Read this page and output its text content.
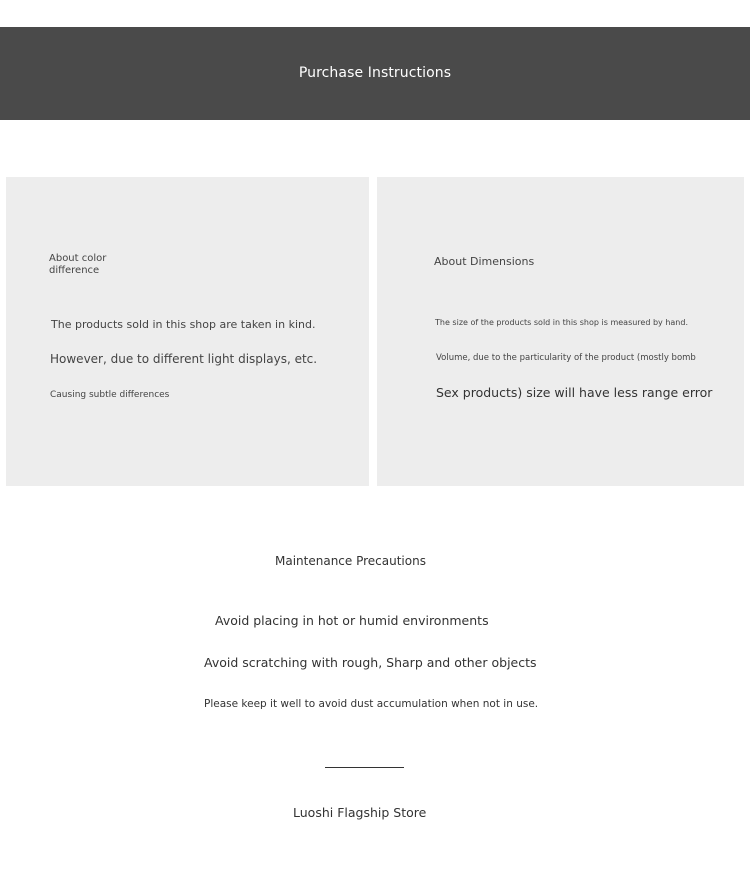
Purchase Instructions
About color difference
The products sold in this shop are taken in kind.
However, due to different light displays, etc.
Causing subtle differences
About Dimensions
The size of the products sold in this shop is measured by hand.
Volume, due to the particularity of the product (mostly bomb
Sex products) size will have less range error
Maintenance Precautions
Avoid placing in hot or humid environments
Avoid scratching with rough, Sharp and other objects
Please keep it well to avoid dust accumulation when not in use.
Luoshi Flagship Store
